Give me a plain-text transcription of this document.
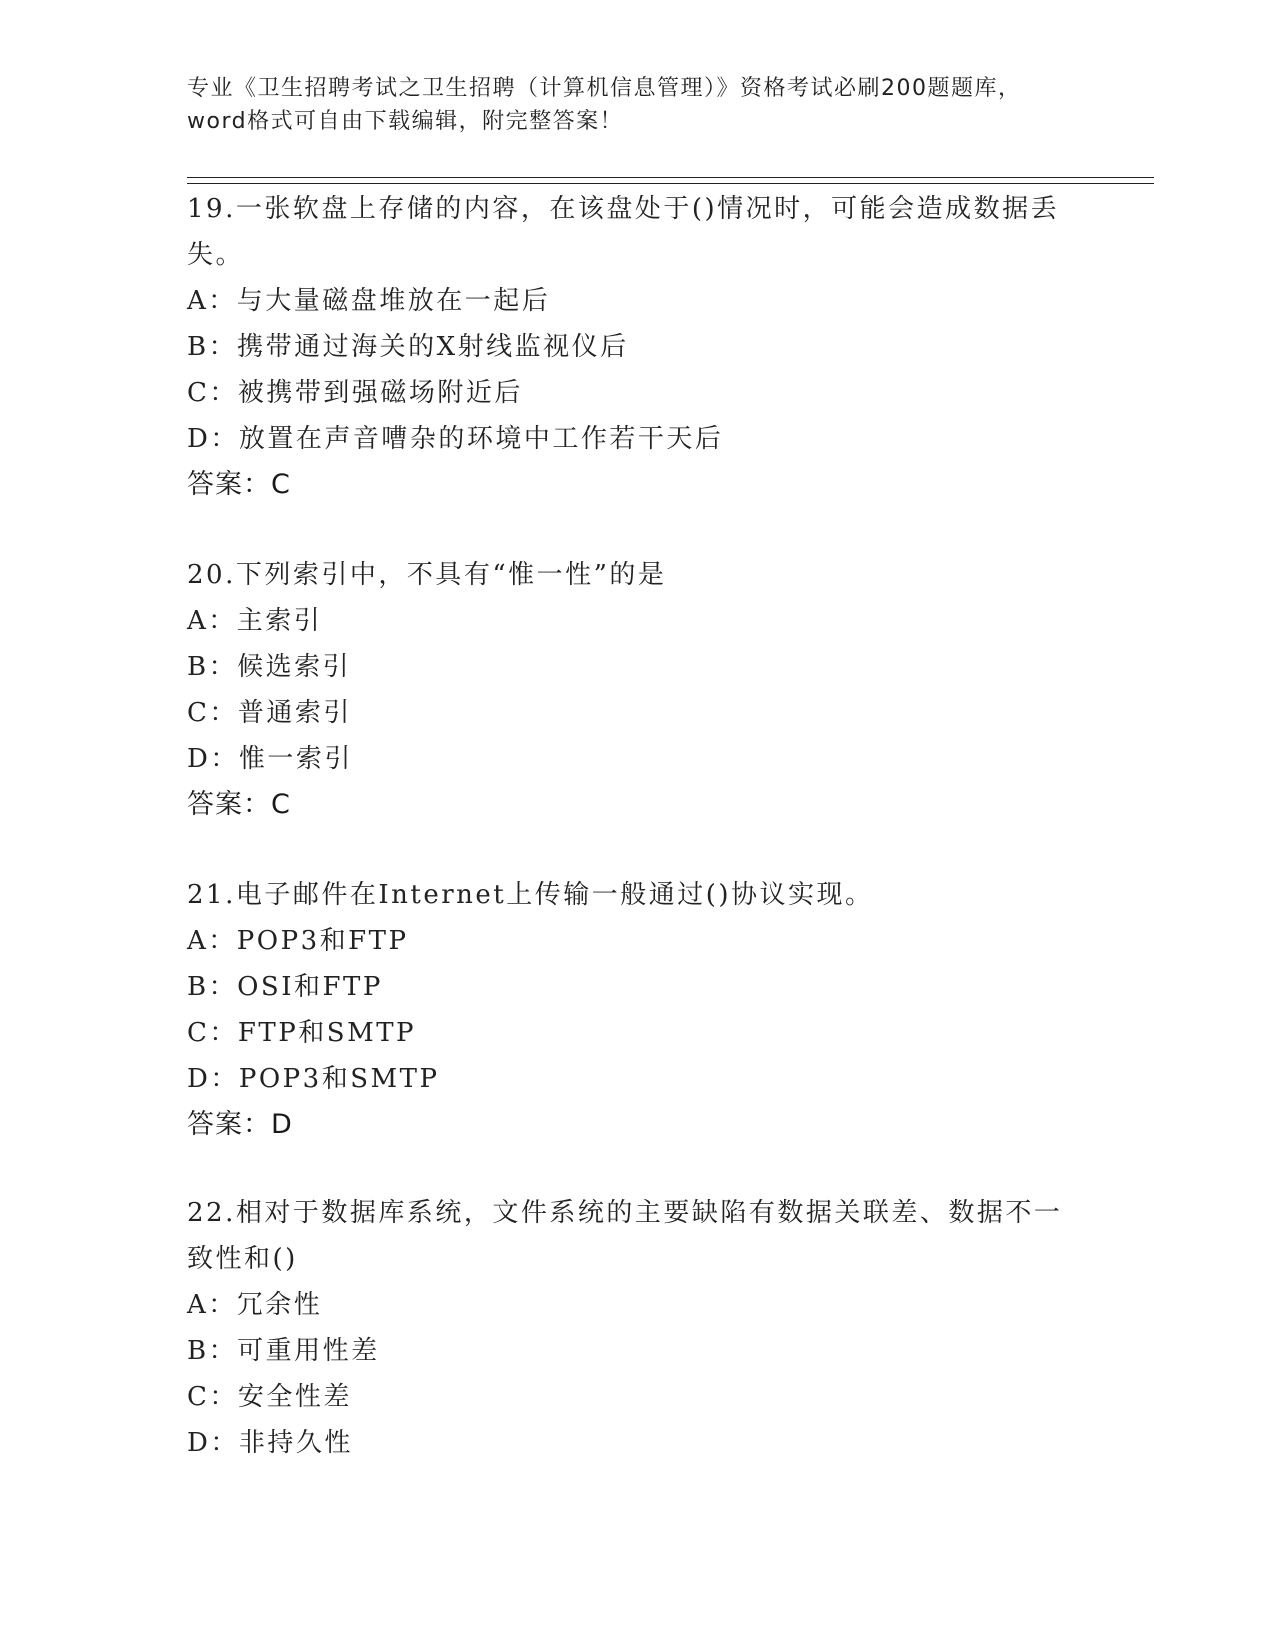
专业《卫生招聘考试之卫生招聘（计算机信息管理）》资格考试必刷200题题库，
word格式可自由下载编辑，附完整答案！
19.一张软盘上存储的内容，在该盘处于()情况时，可能会造成数据丢
失。
A：与大量磁盘堆放在一起后
B：携带通过海关的X射线监视仪后
C：被携带到强磁场附近后
D：放置在声音嘈杂的环境中工作若干天后
答案：C
20.下列索引中，不具有“惟一性”的是
A：主索引
B：候选索引
C：普通索引
D：惟一索引
答案：C
21.电子邮件在Internet上传输一般通过()协议实现。
A：POP3和FTP
B：OSI和FTP
C：FTP和SMTP
D：POP3和SMTP
答案：D
22.相对于数据库系统，文件系统的主要缺陷有数据关联差、数据不一
致性和()
A：冗余性
B：可重用性差
C：安全性差
D：非持久性
